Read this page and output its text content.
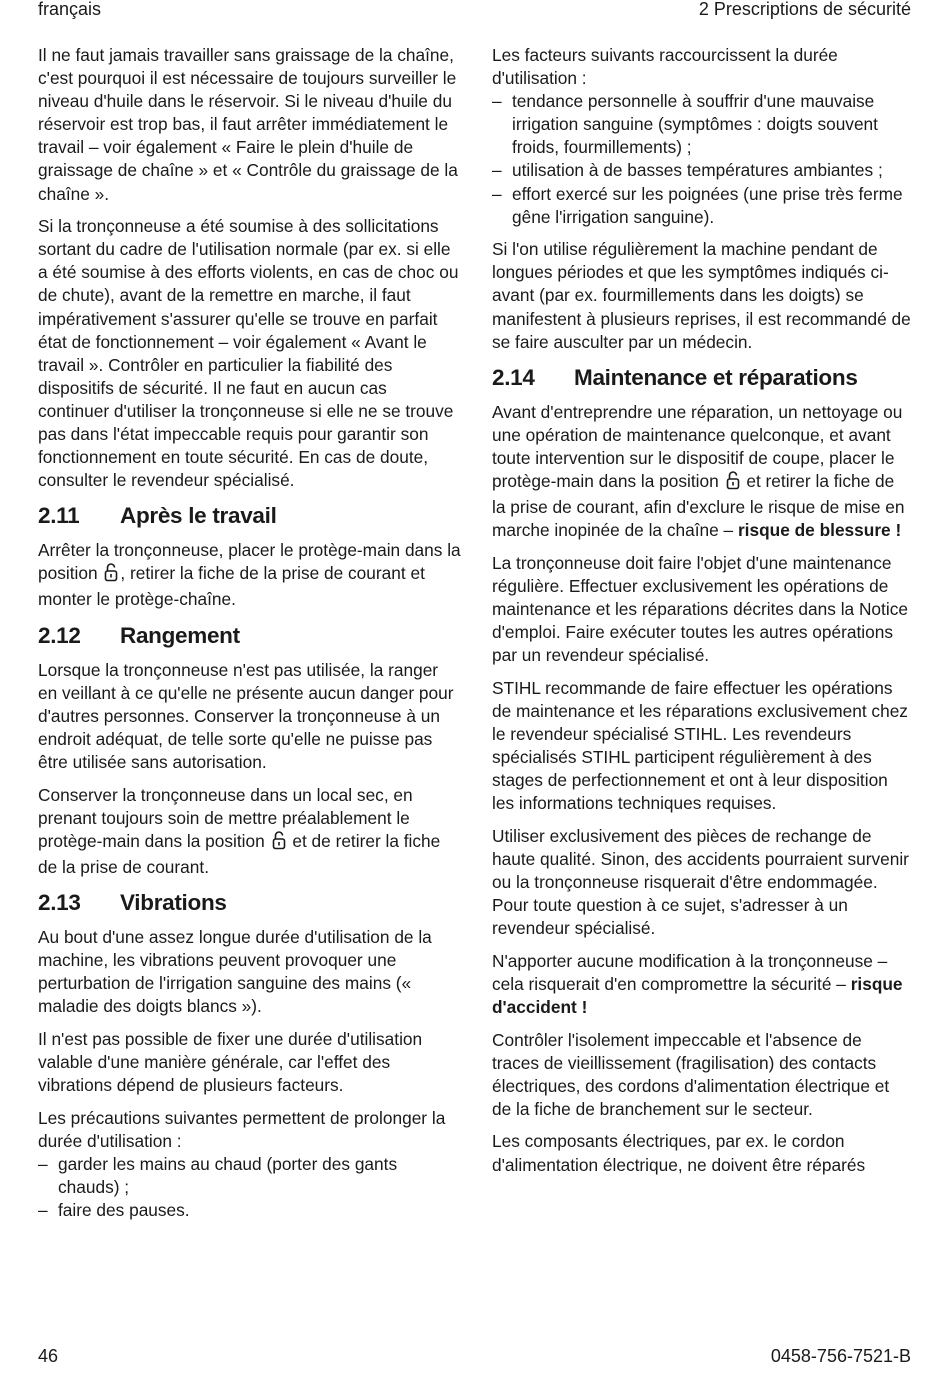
français	2 Prescriptions de sécurité

Il ne faut jamais travailler sans graissage de la chaîne, c'est pourquoi il est nécessaire de toujours surveiller le niveau d'huile dans le réservoir. Si le niveau d'huile du réservoir est trop bas, il faut arrêter immédiatement le travail – voir également « Faire le plein d'huile de graissage de chaîne » et « Contrôle du graissage de la chaîne ».

Si la tronçonneuse a été soumise à des sollicitations sortant du cadre de l'utilisation normale (par ex. si elle a été soumise à des efforts violents, en cas de choc ou de chute), avant de la remettre en marche, il faut impérativement s'assurer qu'elle se trouve en parfait état de fonctionnement – voir également « Avant le travail ». Contrôler en particulier la fiabilité des dispositifs de sécurité. Il ne faut en aucun cas continuer d'utiliser la tronçonneuse si elle ne se trouve pas dans l'état impeccable requis pour garantir son fonctionnement en toute sécurité. En cas de doute, consulter le revendeur spécialisé.

2.11	Après le travail

Arrêter la tronçonneuse, placer le protège-main dans la position , retirer la fiche de la prise de courant et monter le protège-chaîne.

2.12	Rangement

Lorsque la tronçonneuse n'est pas utilisée, la ranger en veillant à ce qu'elle ne présente aucun danger pour d'autres personnes. Conserver la tronçonneuse à un endroit adéquat, de telle sorte qu'elle ne puisse pas être utilisée sans autorisation.

Conserver la tronçonneuse dans un local sec, en prenant toujours soin de mettre préalablement le protège-main dans la position  et de retirer la fiche de la prise de courant.

2.13	Vibrations

Au bout d'une assez longue durée d'utilisation de la machine, les vibrations peuvent provoquer une perturbation de l'irrigation sanguine des mains (« maladie des doigts blancs »).

Il n'est pas possible de fixer une durée d'utilisation valable d'une manière générale, car l'effet des vibrations dépend de plusieurs facteurs.

Les précautions suivantes permettent de prolonger la durée d'utilisation :

– garder les mains au chaud (porter des gants chauds) ;
– faire des pauses.

Les facteurs suivants raccourcissent la durée d'utilisation :

– tendance personnelle à souffrir d'une mauvaise irrigation sanguine (symptômes : doigts souvent froids, fourmillements) ;
– utilisation à de basses températures ambiantes ;
– effort exercé sur les poignées (une prise très ferme gêne l'irrigation sanguine).

Si l'on utilise régulièrement la machine pendant de longues périodes et que les symptômes indiqués ci-avant (par ex. fourmillements dans les doigts) se manifestent à plusieurs reprises, il est recommandé de se faire ausculter par un médecin.

2.14	Maintenance et réparations

Avant d'entreprendre une réparation, un nettoyage ou une opération de maintenance quelconque, et avant toute intervention sur le dispositif de coupe, placer le protège-main dans la position  et retirer la fiche de la prise de courant, afin d'exclure le risque de mise en marche inopinée de la chaîne – risque de blessure !

La tronçonneuse doit faire l'objet d'une maintenance régulière. Effectuer exclusivement les opérations de maintenance et les réparations décrites dans la Notice d'emploi. Faire exécuter toutes les autres opérations par un revendeur spécialisé.

STIHL recommande de faire effectuer les opérations de maintenance et les réparations exclusivement chez le revendeur spécialisé STIHL. Les revendeurs spécialisés STIHL participent régulièrement à des stages de perfectionnement et ont à leur disposition les informations techniques requises.

Utiliser exclusivement des pièces de rechange de haute qualité. Sinon, des accidents pourraient survenir ou la tronçonneuse risquerait d'être endommagée. Pour toute question à ce sujet, s'adresser à un revendeur spécialisé.

N'apporter aucune modification à la tronçonneuse – cela risquerait d'en compromettre la sécurité – risque d'accident !

Contrôler l'isolement impeccable et l'absence de traces de vieillissement (fragilisation) des contacts électriques, des cordons d'alimentation électrique et de la fiche de branchement sur le secteur.

Les composants électriques, par ex. le cordon d'alimentation électrique, ne doivent être réparés

46	0458-756-7521-B
